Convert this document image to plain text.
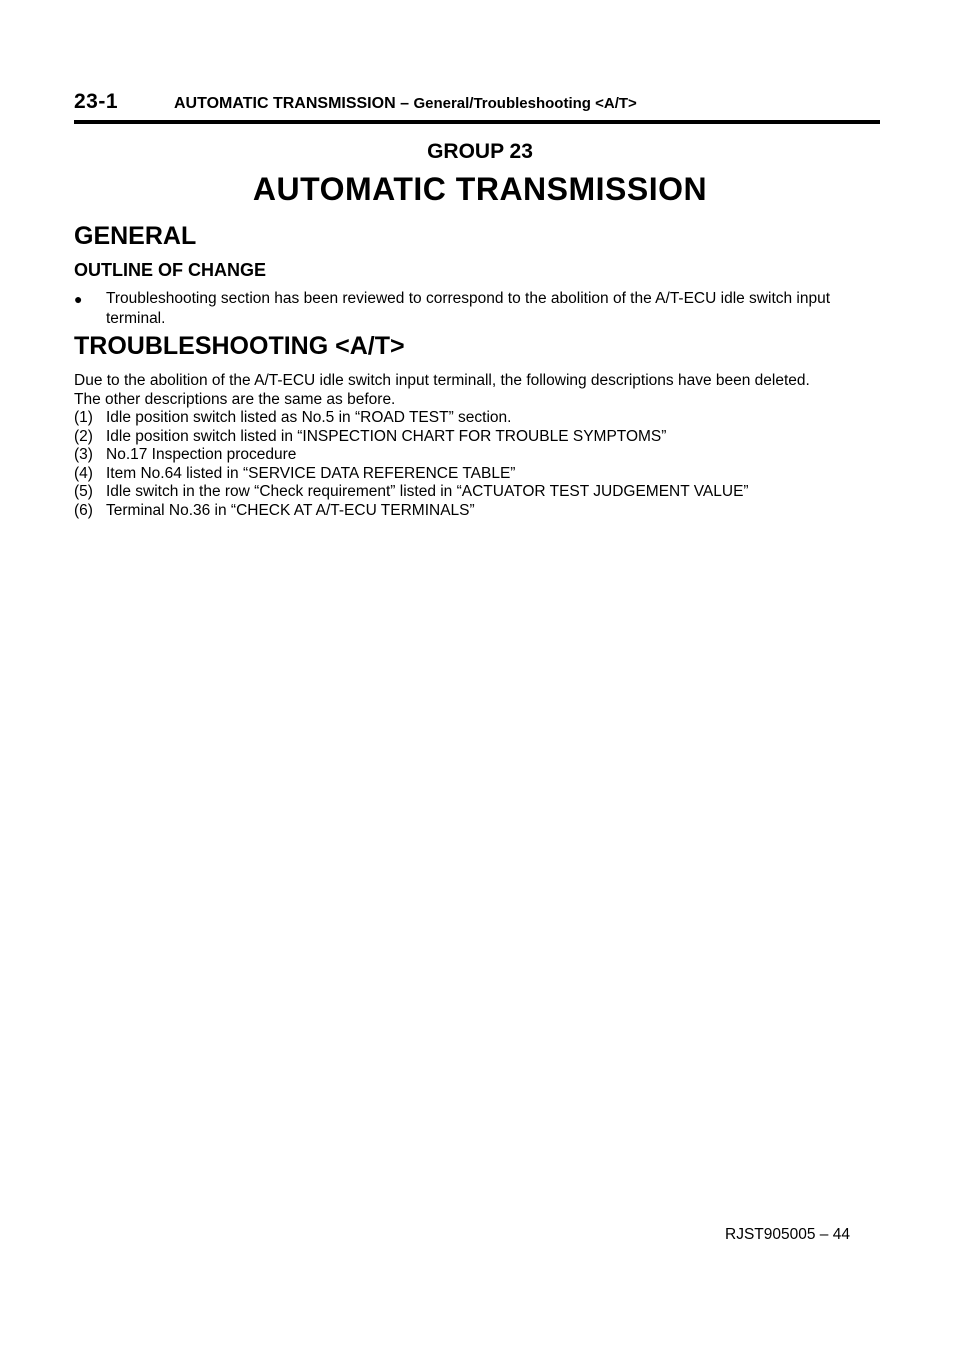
23-1	AUTOMATIC TRANSMISSION – General/Troubleshooting <A/T>
GROUP 23
AUTOMATIC TRANSMISSION
GENERAL
OUTLINE OF CHANGE
● Troubleshooting section has been reviewed to correspond to the abolition of the A/T-ECU idle switch input terminal.
TROUBLESHOOTING <A/T>
Due to the abolition of the A/T-ECU idle switch input terminall, the following descriptions have been deleted.
The other descriptions are the same as before.
(1) Idle position switch listed as No.5 in “ROAD TEST” section.
(2) Idle position switch listed in “INSPECTION CHART FOR TROUBLE SYMPTOMS”
(3) No.17 Inspection procedure
(4) Item No.64 listed in “SERVICE DATA REFERENCE TABLE”
(5) Idle switch in the row “Check requirement” listed in “ACTUATOR TEST JUDGEMENT VALUE”
(6) Terminal No.36 in “CHECK AT A/T-ECU TERMINALS”
RJST905005 – 44
